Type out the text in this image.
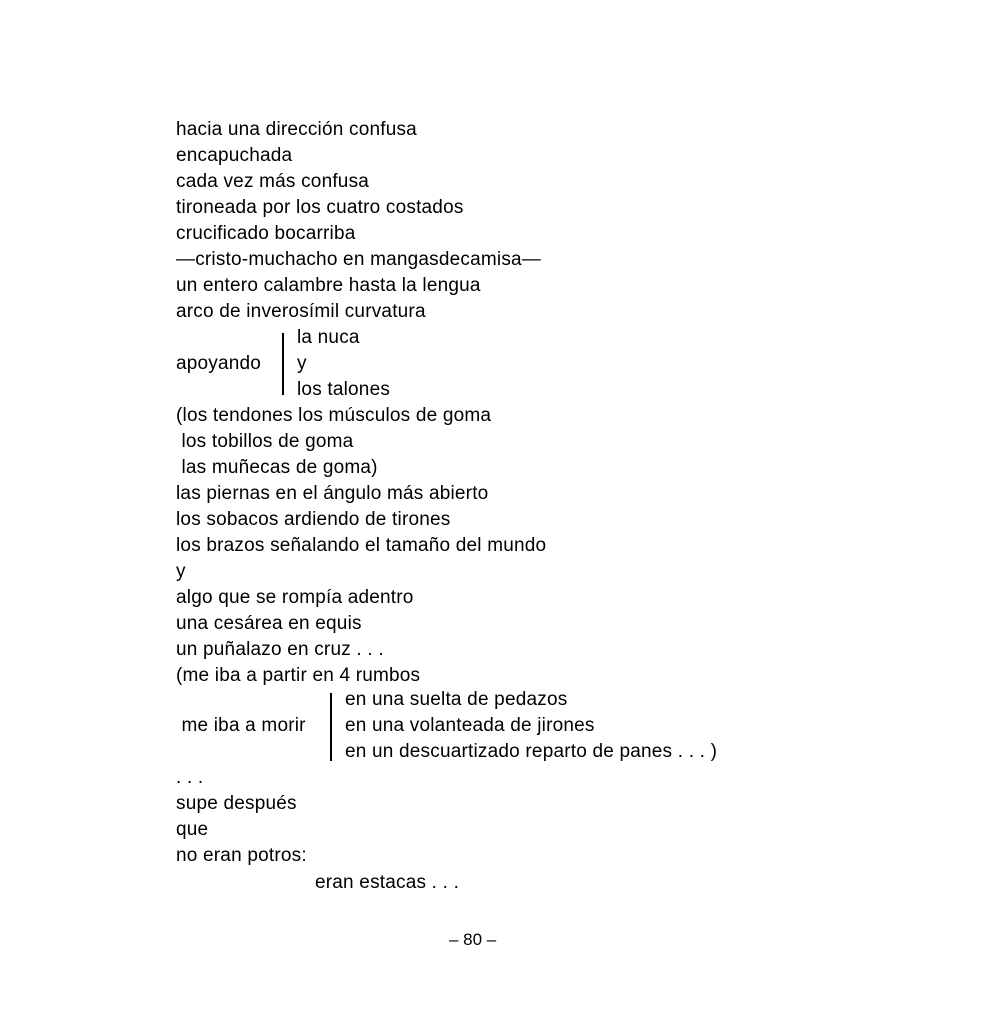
hacia una dirección confusa
encapuchada
cada vez más confusa
tironeada por los cuatro costados
crucificado bocarriba
—cristo-muchacho en mangasdecamisa—
un entero calambre hasta la lengua
arco de inverosímil curvatura
apoyando
la nuca
y
los talones
(los tendones los músculos de goma
los tobillos de goma
las muñecas de goma)
las piernas en el ángulo más abierto
los sobacos ardiendo de tirones
los brazos señalando el tamaño del mundo
y
algo que se rompía adentro
una cesárea en equis
un puñalazo en cruz . . .
(me iba a partir en 4 rumbos
me iba a morir
en una suelta de pedazos
en una volanteada de jirones
en un descuartizado reparto de panes . . . )
. . .
supe después
que
no eran potros:
eran estacas . . .
– 80 –
